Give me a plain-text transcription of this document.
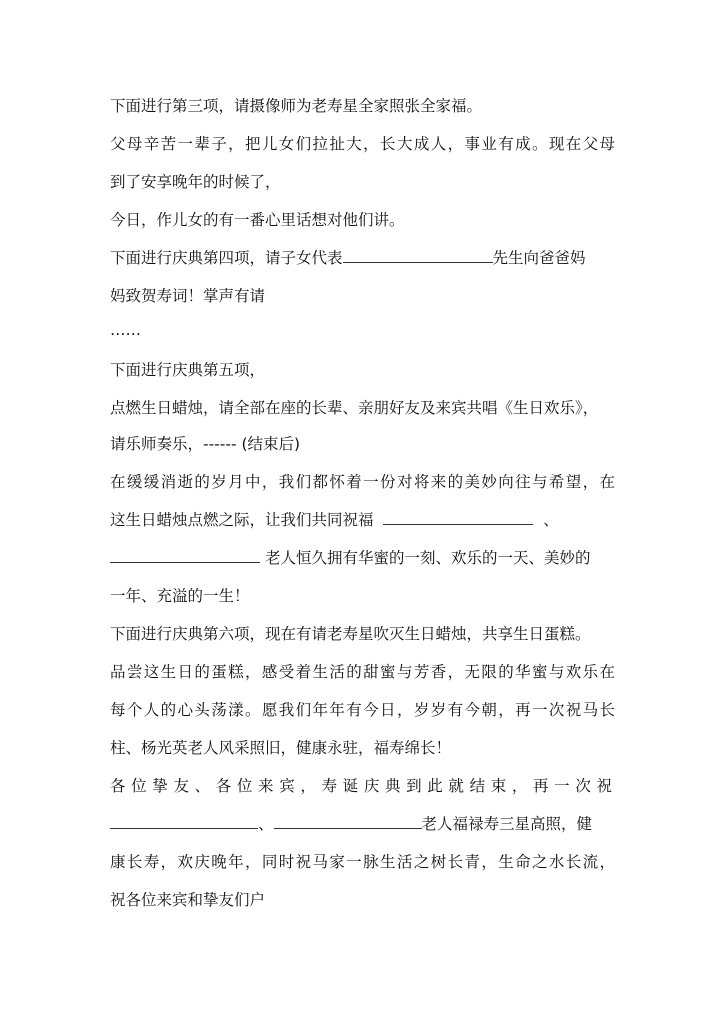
下面进行第三项，请摄像师为老寿星全家照张全家福。
父母辛苦一辈子，把儿女们拉扯大，长大成人，事业有成。现在父母
到了安享晚年的时候了，
今日，作儿女的有一番心里话想对他们讲。
下面进行庆典第四项，请子女代表	先生向爸爸妈
妈致贺寿词！掌声有请
……
下面进行庆典第五项，
点燃生日蜡烛，请全部在座的长辈、亲朋好友及来宾共唱《生日欢乐》，
请乐师奏乐，------ (结束后)
在缓缓消逝的岁月中，我们都怀着一份对将来的美妙向往与希望，在
这生日蜡烛点燃之际，让我们共同祝福	、
老人恒久拥有华蜜的一刻、欢乐的一天、美妙的
一年、充溢的一生！
下面进行庆典第六项，现在有请老寿星吹灭生日蜡烛，共享生日蛋糕。
品尝这生日的蛋糕，感受着生活的甜蜜与芳香，无限的华蜜与欢乐在
每个人的心头荡漾。愿我们年年有今日，岁岁有今朝，再一次祝马长
柱、杨光英老人风采照旧，健康永驻，福寿绵长！
各位挚友、各位来宾，寿诞庆典到此就结束，再一次祝
、	老人福禄寿三星高照，健
康长寿，欢庆晚年，同时祝马家一脉生活之树长青，生命之水长流，
祝各位来宾和挚友们户
